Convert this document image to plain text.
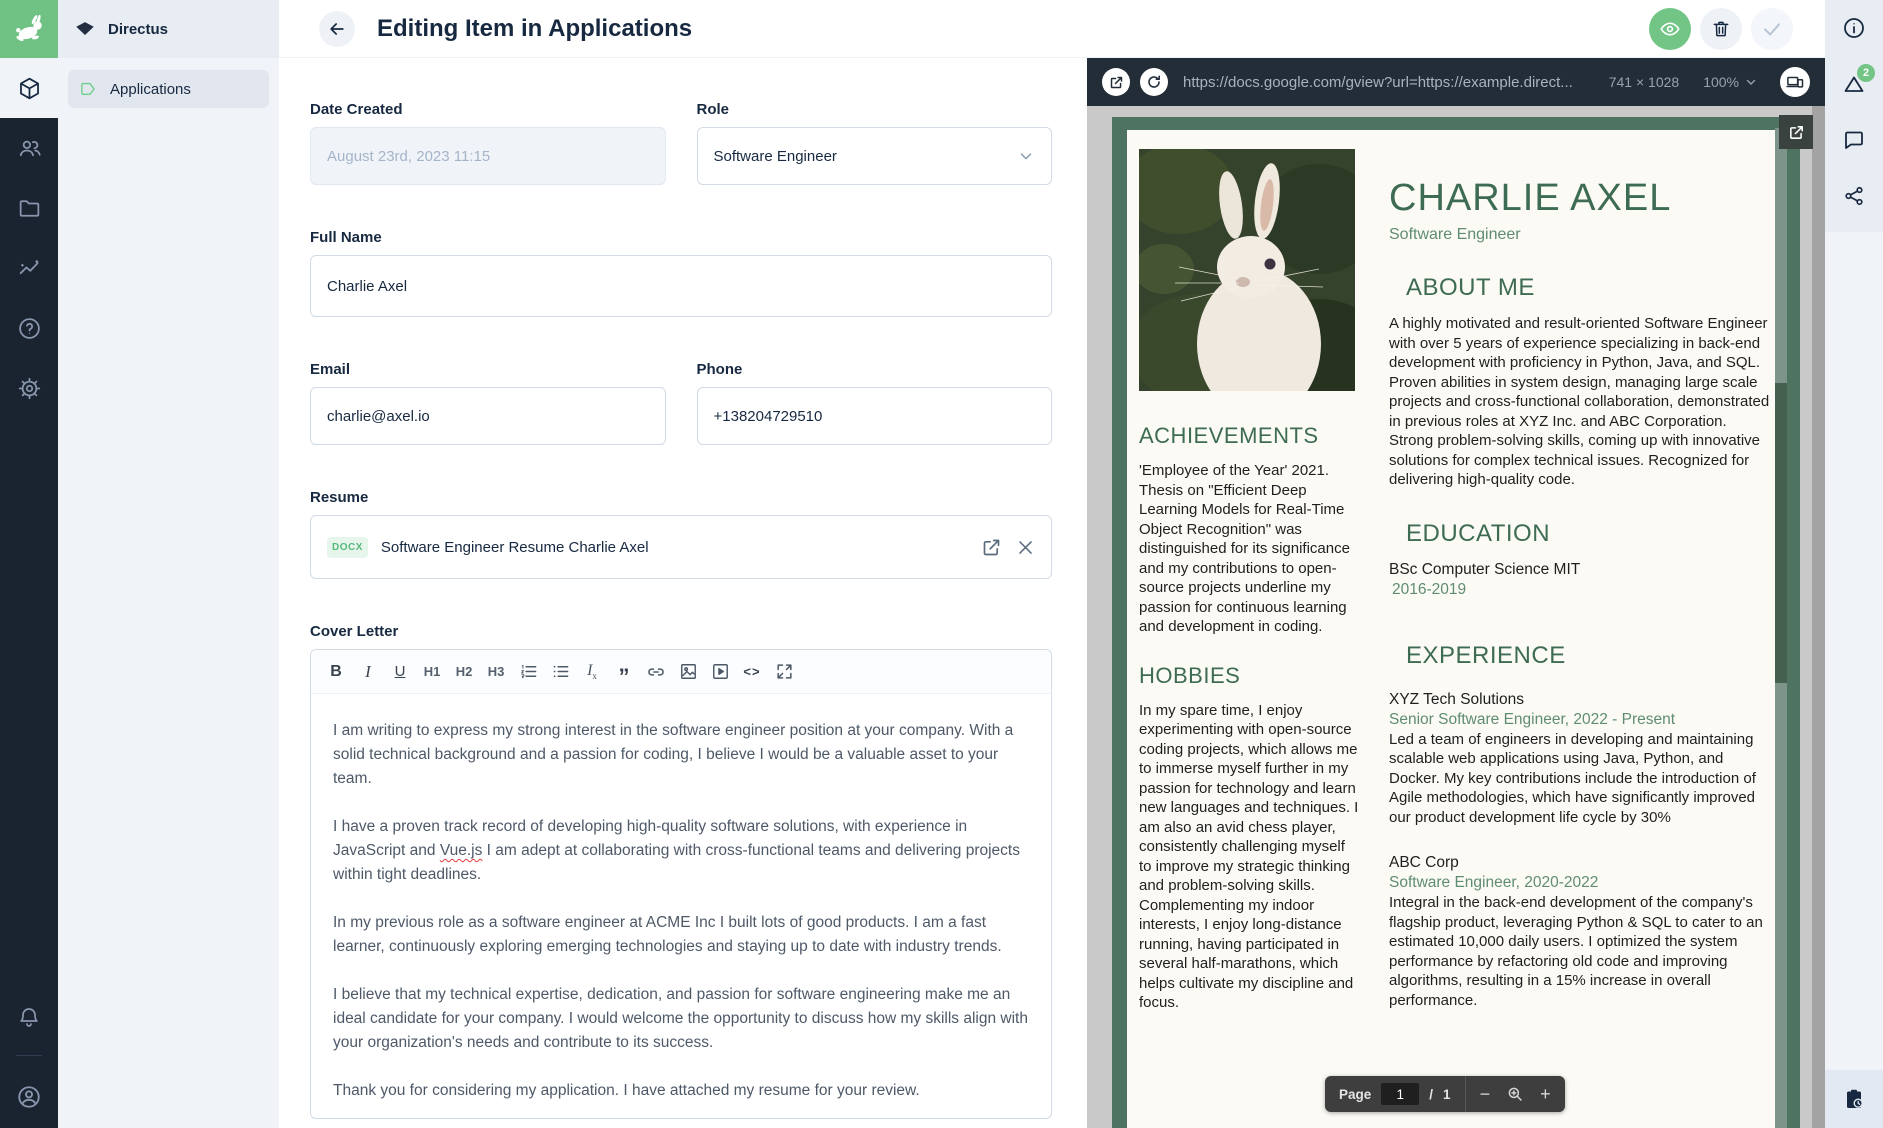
Directus
Applications
Editing Item in Applications
Date Created
August 23rd, 2023 11:15
Role
Software Engineer
Full Name
Charlie Axel
Email
charlie@axel.io	Phone
+138204729510
Resume
DOCX	Software Engineer Resume Charlie Axel
Cover Letter
B	I	U	H1	H2	H3	$I_x$ ”	<>

I am writing to express my strong interest in the software engineer position at your company. With a solid technical background and a passion for coding, I believe I would be a valuable asset to your team.

I have a proven track record of developing high-quality software solutions, with experience in JavaScript and Vue.js I am adept at collaborating with cross-functional teams and delivering projects within tight deadlines.

In my previous role as a software engineer at ACME Inc I built lots of good products. I am a fast learner, continuously exploring emerging technologies and staying up to date with industry trends.

I believe that my technical expertise, dedication, and passion for software engineering make me an ideal candidate for your company. I would welcome the opportunity to discuss how my skills align with your organization's needs and contribute to its success.

Thank you for considering my application. I have attached my resume for your review.

https://docs.google.com/gview?url=https://example.direct...	741 × 1028 100%
ACHIEVEMENTS
'Employee of the Year' 2021. Thesis on "Efficient Deep Learning Models for Real-Time Object Recognition" was distinguished for its significance and my contributions to open-source projects underline my passion for continuous learning and development in coding.
HOBBIES
In my spare time, I enjoy experimenting with open-source coding projects, which allows me to immerse myself further in my passion for technology and learn new languages and techniques. I am also an avid chess player, consistently challenging myself to improve my strategic thinking and problem-solving skills. Complementing my indoor interests, I enjoy long-distance running, having participated in several half-marathons, which helps cultivate my discipline and focus.
CHARLIE AXEL
Software Engineer
ABOUT ME
A highly motivated and result-oriented Software Engineer with over 5 years of experience specializing in back-end development with proficiency in Python, Java, and SQL. Proven abilities in system design, managing large scale projects and cross-functional collaboration, demonstrated in previous roles at XYZ Inc. and ABC Corporation. Strong problem-solving skills, coming up with innovative solutions for complex technical issues. Recognized for delivering high-quality code.
EDUCATION
BSc Computer Science MIT
2016-2019
EXPERIENCE
XYZ Tech Solutions
Senior Software Engineer, 2022 - Present
Led a team of engineers in developing and maintaining scalable web applications using Java, Python, and Docker. My key contributions include the introduction of Agile methodologies, which have significantly improved our product development life cycle by 30%
ABC Corp
Software Engineer, 2020-2022
Integral in the back-end development of the company's flagship product, leveraging Python & SQL to cater to an estimated 10,000 daily users. I optimized the system performance by refactoring old code and improving algorithms, resulting in a 15% increase in overall performance.
Page
1	/ 1 −	+
2
